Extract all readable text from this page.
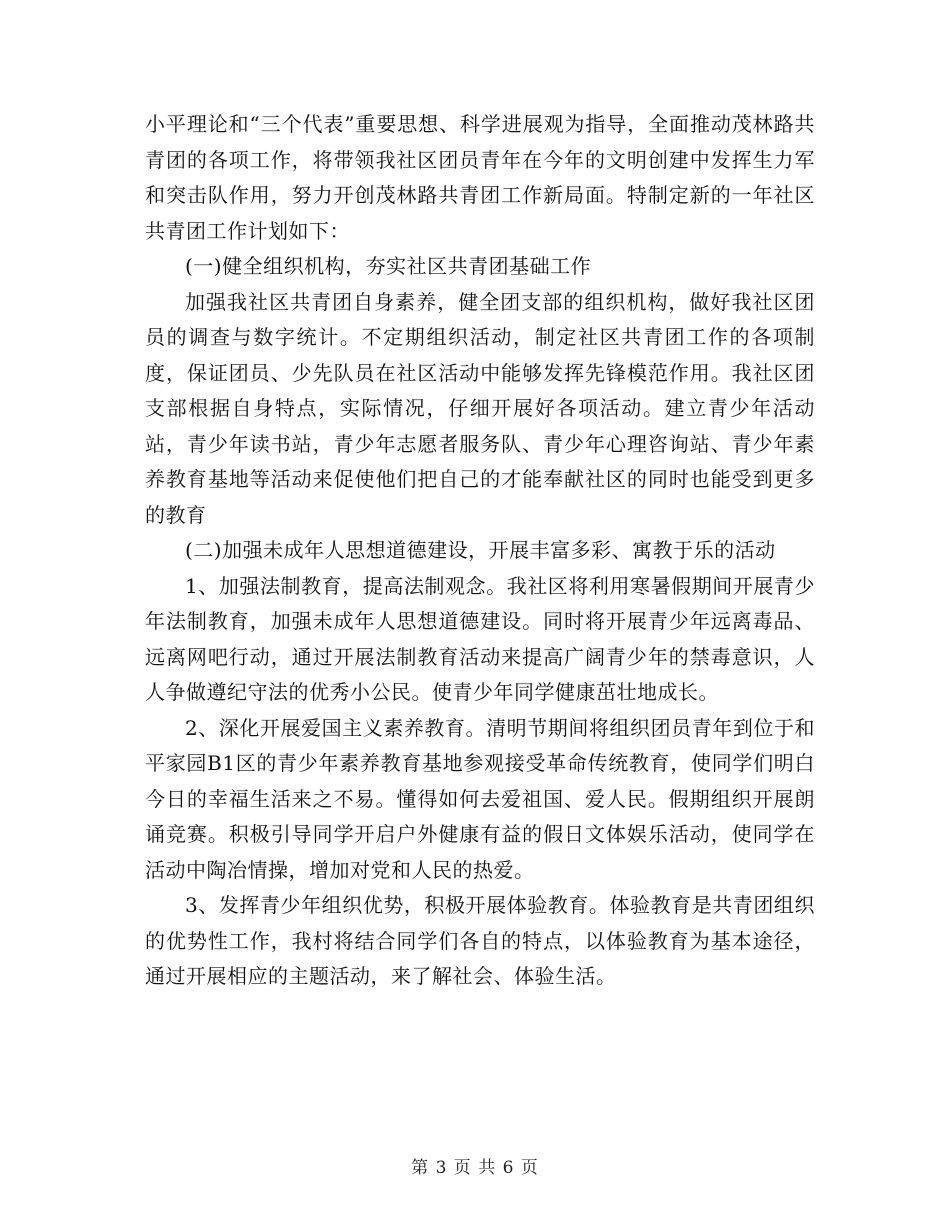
小平理论和“三个代表”重要思想、科学进展观为指导，全面推动茂林路共青团的各项工作，将带领我社区团员青年在今年的文明创建中发挥生力军和突击队作用，努力开创茂林路共青团工作新局面。特制定新的一年社区共青团工作计划如下：

(一)健全组织机构，夯实社区共青团基础工作

加强我社区共青团自身素养，健全团支部的组织机构，做好我社区团员的调查与数字统计。不定期组织活动，制定社区共青团工作的各项制度，保证团员、少先队员在社区活动中能够发挥先锋模范作用。我社区团支部根据自身特点，实际情况，仔细开展好各项活动。建立青少年活动站，青少年读书站，青少年志愿者服务队、青少年心理咨询站、青少年素养教育基地等活动来促使他们把自己的才能奉献社区的同时也能受到更多的教育

(二)加强未成年人思想道德建设，开展丰富多彩、寓教于乐的活动

1、加强法制教育，提高法制观念。我社区将利用寒暑假期间开展青少年法制教育，加强未成年人思想道德建设。同时将开展青少年远离毒品、远离网吧行动，通过开展法制教育活动来提高广阔青少年的禁毒意识，人人争做遵纪守法的优秀小公民。使青少年同学健康茁壮地成长。

2、深化开展爱国主义素养教育。清明节期间将组织团员青年到位于和平家园B1区的青少年素养教育基地参观接受革命传统教育，使同学们明白今日的幸福生活来之不易。懂得如何去爱祖国、爱人民。假期组织开展朗诵竞赛。积极引导同学开启户外健康有益的假日文体娱乐活动，使同学在活动中陶冶情操，增加对党和人民的热爱。

3、发挥青少年组织优势，积极开展体验教育。体验教育是共青团组织的优势性工作，我村将结合同学们各自的特点，以体验教育为基本途径，通过开展相应的主题活动，来了解社会、体验生活。

第 3 页 共 6 页
